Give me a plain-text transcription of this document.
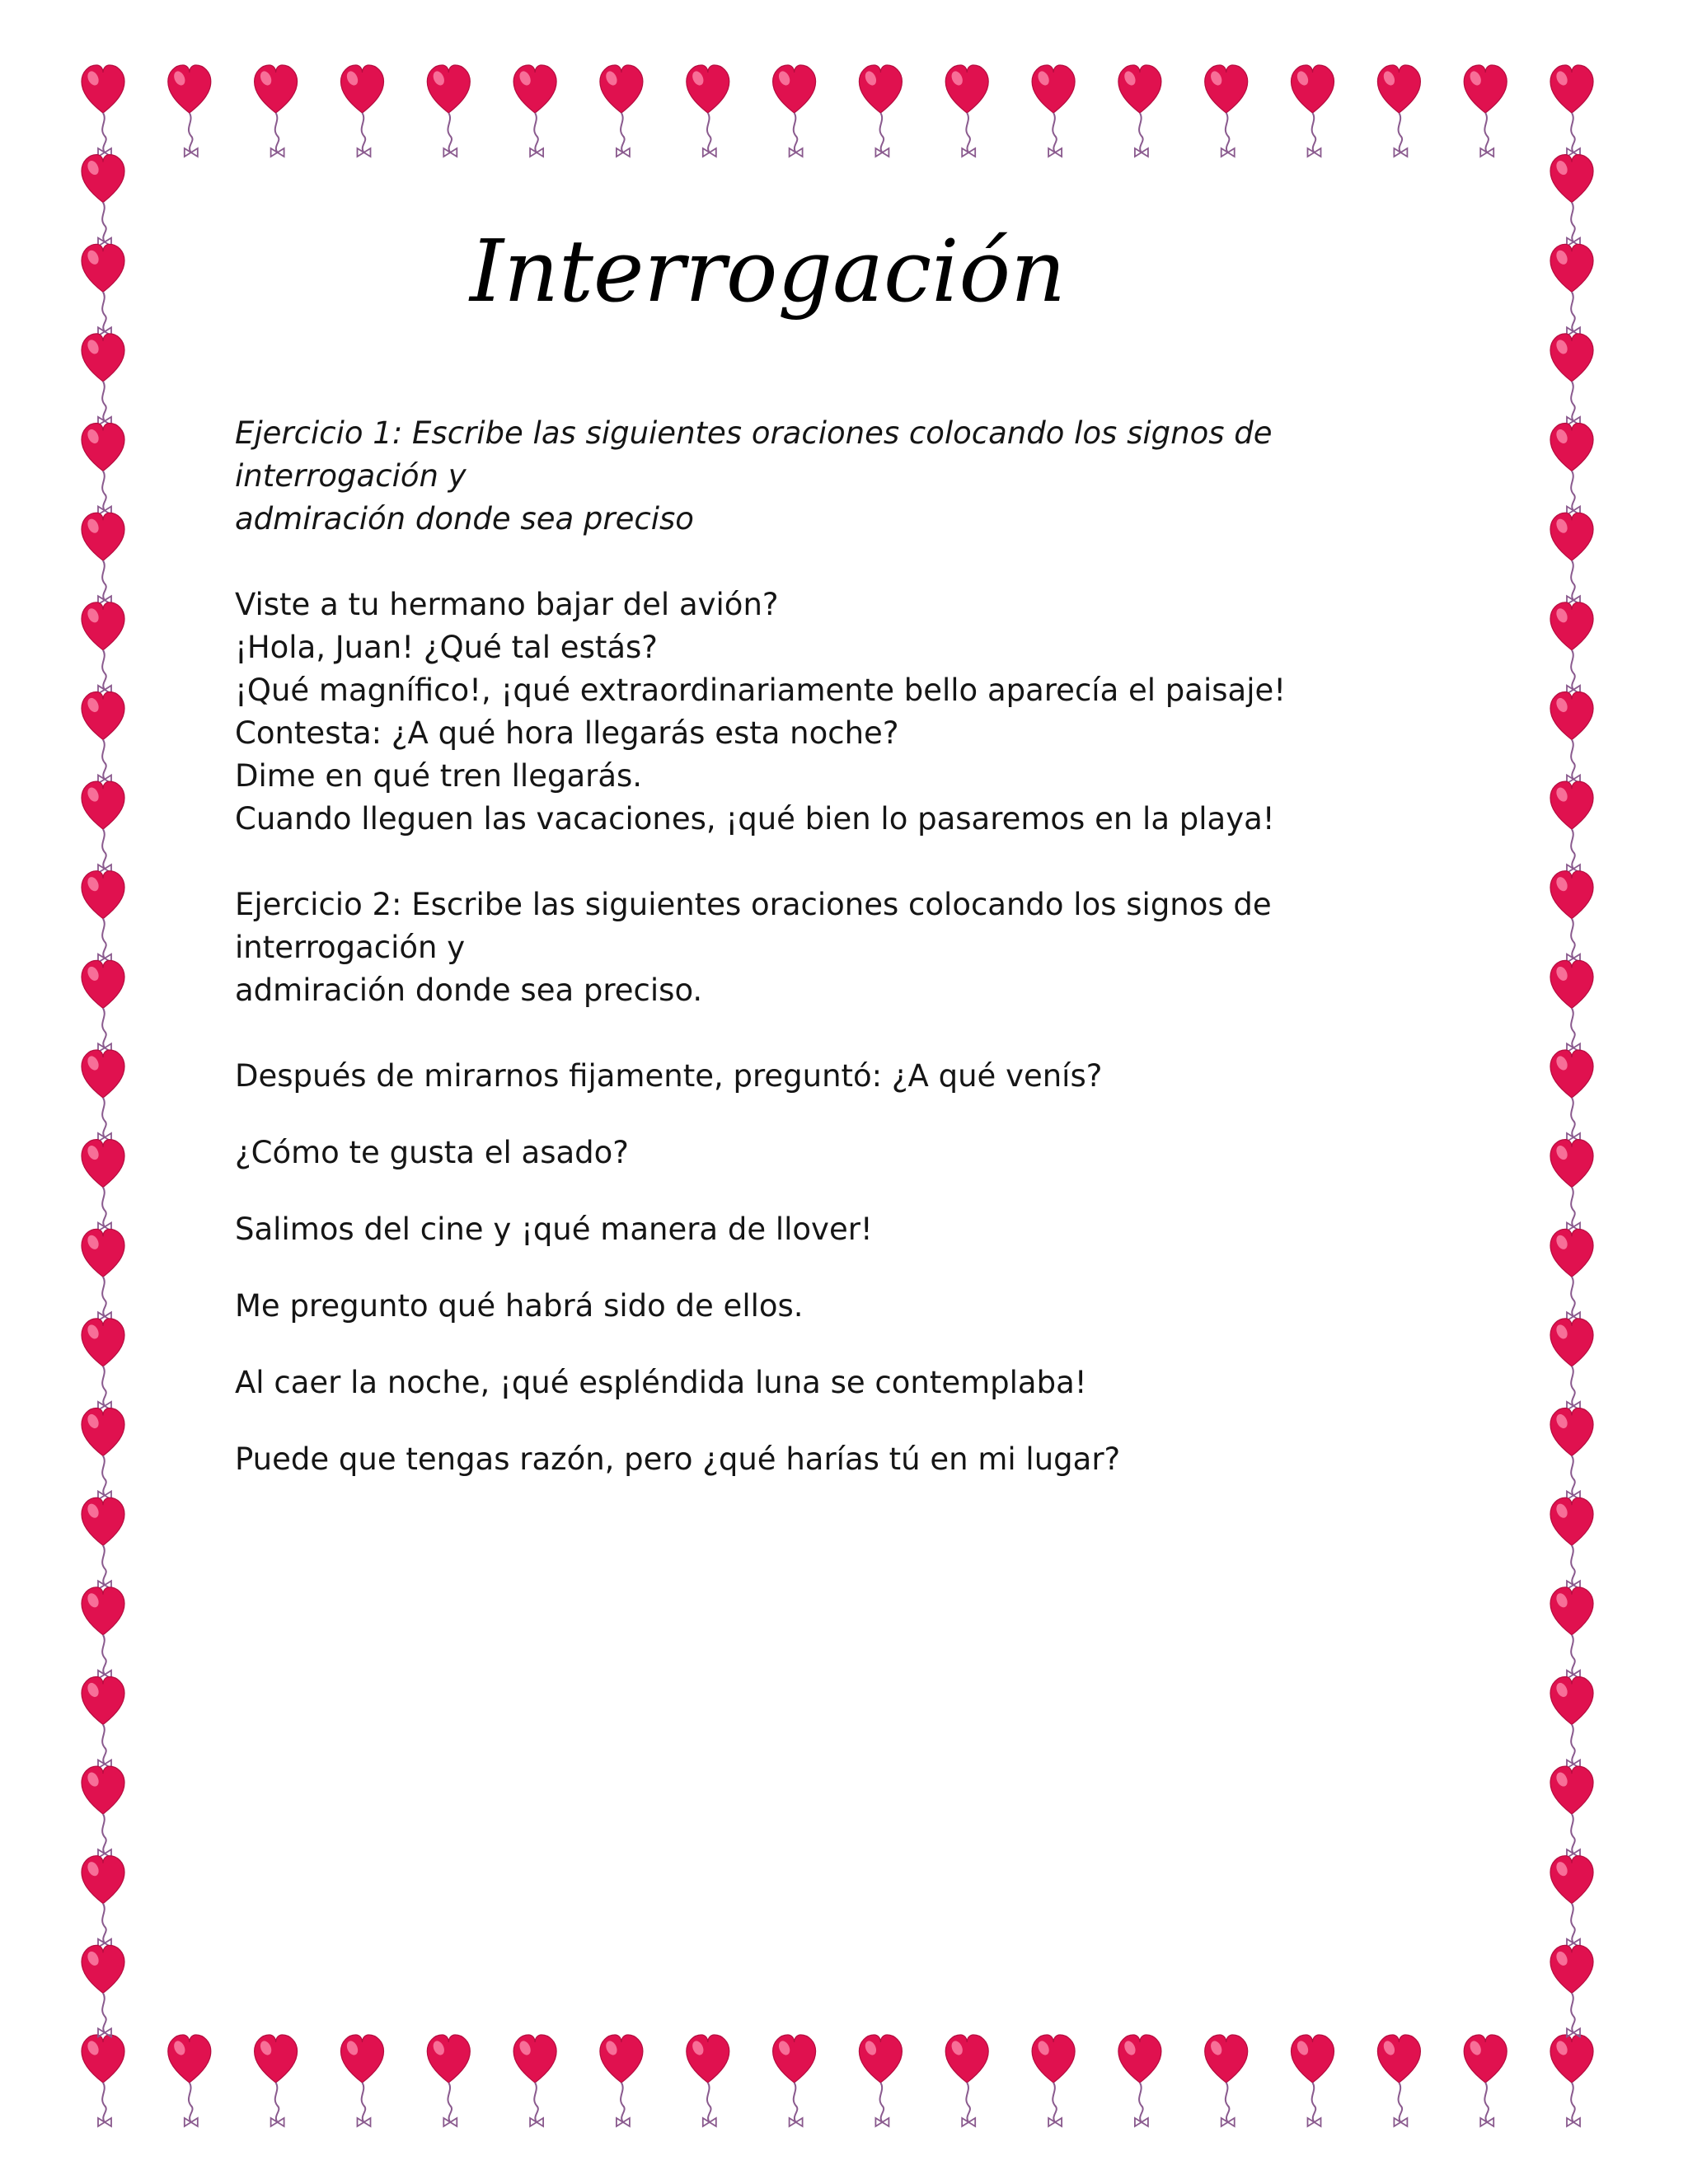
Interrogación

Ejercicio 1: Escribe las siguientes oraciones colocando los signos de interrogación y
admiración donde sea preciso

Viste a tu hermano bajar del avión?
¡Hola, Juan! ¿Qué tal estás?
¡Qué magnífico!, ¡qué extraordinariamente bello aparecía el paisaje!
Contesta: ¿A qué hora llegarás esta noche?
Dime en qué tren llegarás.
Cuando lleguen las vacaciones, ¡qué bien lo pasaremos en la playa!

Ejercicio 2: Escribe las siguientes oraciones colocando los signos de interrogación y
admiración donde sea preciso.

Después de mirarnos fijamente, preguntó: ¿A qué venís?
¿Cómo te gusta el asado?
Salimos del cine y ¡qué manera de llover!
Me pregunto qué habrá sido de ellos.
Al caer la noche, ¡qué espléndida luna se contemplaba!
Puede que tengas razón, pero ¿qué harías tú en mi lugar?
